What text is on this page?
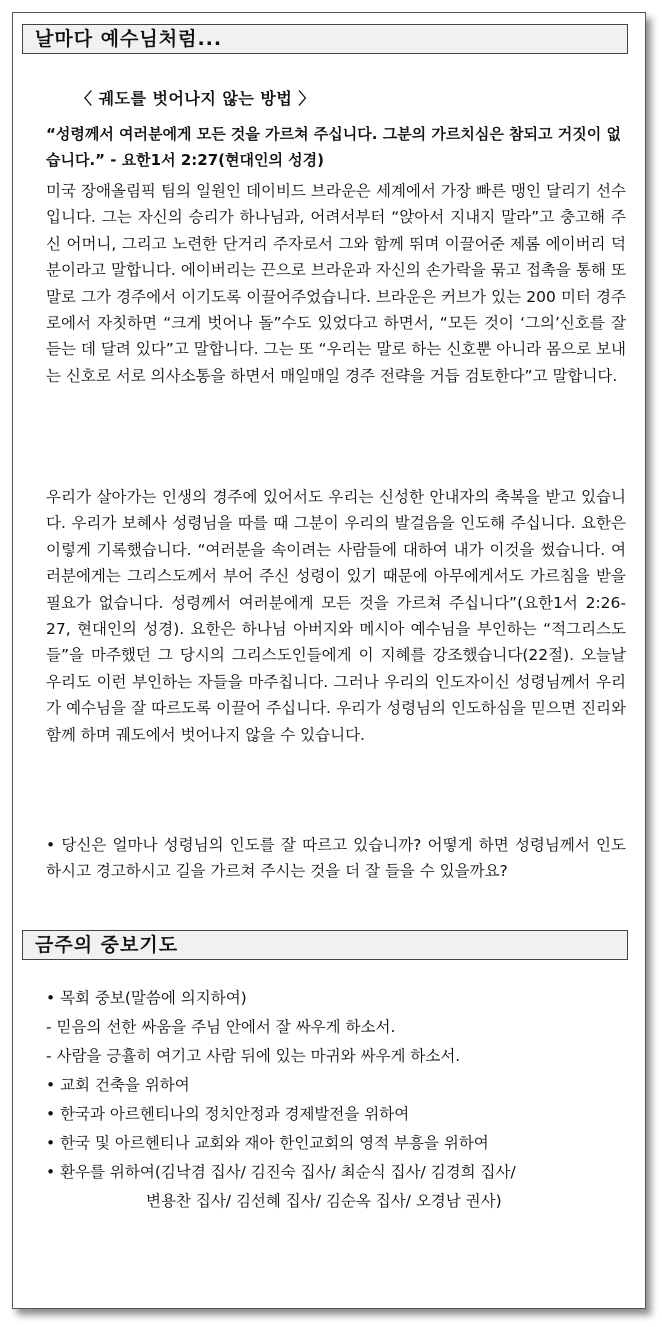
날마다 예수님처럼...
〈 궤도를 벗어나지 않는 방법 〉

“성령께서 여러분에게 모든 것을 가르쳐 주십니다. 그분의 가르치심은 참되고 거짓이 없습니다.” - 요한1서 2:27(현대인의 성경)

미국 장애올림픽 팀의 일원인 데이비드 브라운은 세계에서 가장 빠른 맹인 달리기 선수입니다. 그는 자신의 승리가 하나님과, 어려서부터 “앉아서 지내지 말라”고 충고해 주신 어머니, 그리고 노련한 단거리 주자로서 그와 함께 뛰며 이끌어준 제롬 에이버리 덕분이라고 말합니다. 에이버리는 끈으로 브라운과 자신의 손가락을 묶고 접촉을 통해 또 말로 그가 경주에서 이기도록 이끌어주었습니다. 브라운은 커브가 있는 200 미터 경주로에서 자칫하면 “크게 벗어나 돌”수도 있었다고 하면서, “모든 것이 ‘그의’신호를 잘 듣는 데 달려 있다”고 말합니다. 그는 또 “우리는 말로 하는 신호뿐 아니라 몸으로 보내는 신호로 서로 의사소통을 하면서 매일매일 경주 전략을 거듭 검토한다”고 말합니다.

우리가 살아가는 인생의 경주에 있어서도 우리는 신성한 안내자의 축복을 받고 있습니다. 우리가 보혜사 성령님을 따를 때 그분이 우리의 발걸음을 인도해 주십니다. 요한은 이렇게 기록했습니다. “여러분을 속이려는 사람들에 대하여 내가 이것을 썼습니다. 여러분에게는 그리스도께서 부어 주신 성령이 있기 때문에 아무에게서도 가르침을 받을 필요가 없습니다. 성령께서 여러분에게 모든 것을 가르쳐 주십니다”(요한1서 2:26-27, 현대인의 성경). 요한은 하나님 아버지와 메시아 예수님을 부인하는 “적그리스도들”을 마주했던 그 당시의 그리스도인들에게 이 지혜를 강조했습니다(22절). 오늘날 우리도 이런 부인하는 자들을 마주칩니다. 그러나 우리의 인도자이신 성령님께서 우리가 예수님을 잘 따르도록 이끌어 주십니다. 우리가 성령님의 인도하심을 믿으면 진리와 함께 하며 궤도에서 벗어나지 않을 수 있습니다.

• 당신은 얼마나 성령님의 인도를 잘 따르고 있습니까? 어떻게 하면 성령님께서 인도하시고 경고하시고 길을 가르쳐 주시는 것을 더 잘 들을 수 있을까요?

금주의 중보기도
• 목회 중보(말씀에 의지하여)
- 믿음의 선한 싸움을 주님 안에서 잘 싸우게 하소서.
- 사람을 긍휼히 여기고 사람 뒤에 있는 마귀와 싸우게 하소서.
• 교회 건축을 위하여
• 한국과 아르헨티나의 정치안정과 경제발전을 위하여
• 한국 및 아르헨티나 교회와 재아 한인교회의 영적 부흥을 위하여
• 환우를 위하여(김낙겸 집사/ 김진숙 집사/ 최순식 집사/ 김경희 집사/
변용찬 집사/ 김선혜 집사/ 김순옥 집사/ 오경남 권사)
